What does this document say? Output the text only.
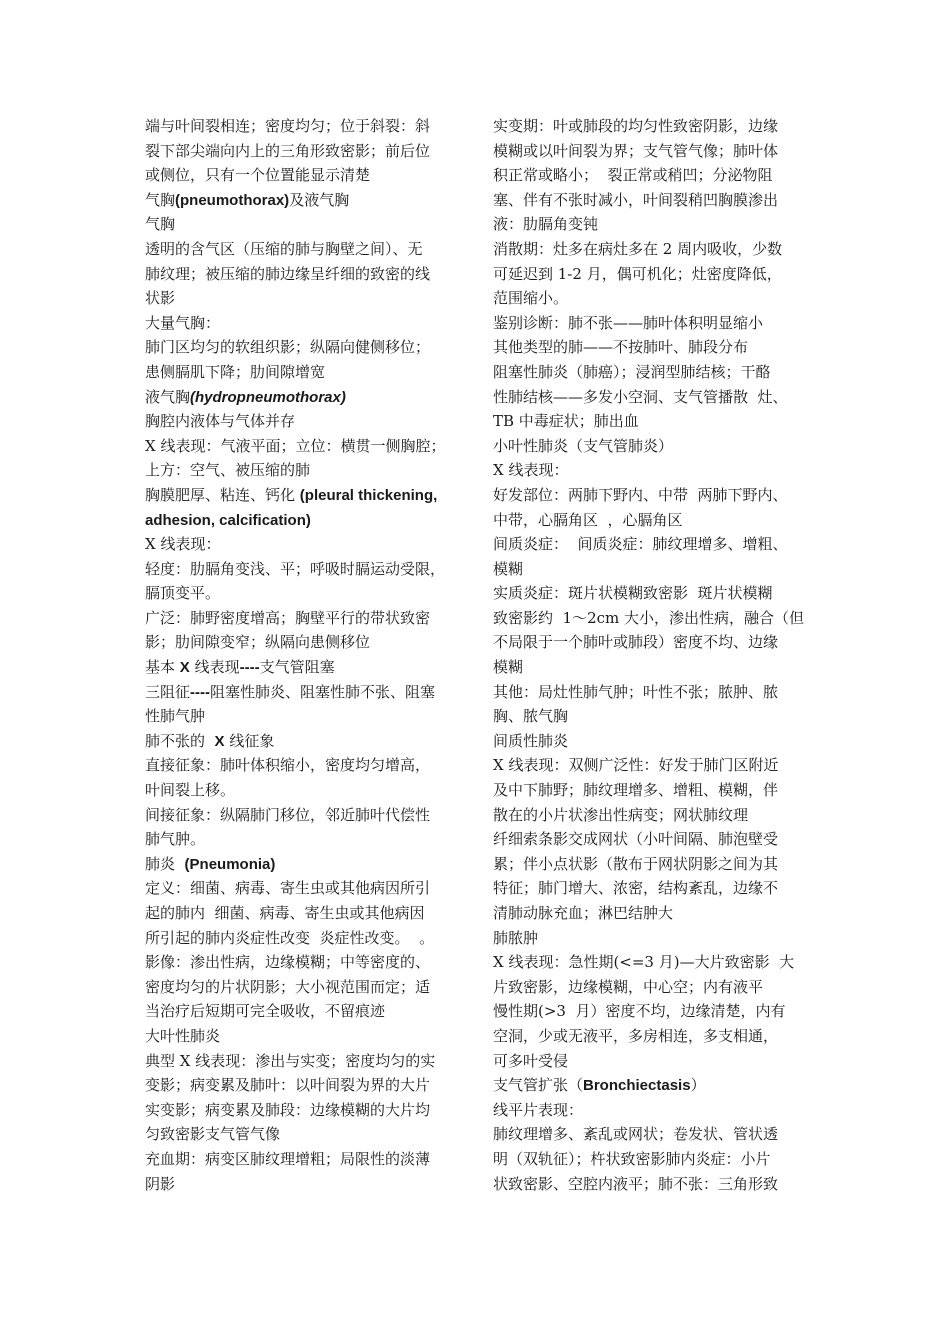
端与叶间裂相连；密度均匀；位于斜裂：斜
裂下部尖端向内上的三角形致密影；前后位
或侧位，只有一个位置能显示清楚
气胸(pneumothorax)及液气胸
气胸
透明的含气区（压缩的肺与胸壁之间）、无
肺纹理；被压缩的肺边缘呈纤细的致密的线
状影
大量气胸：
肺门区均匀的软组织影；纵隔向健侧移位；
患侧膈肌下降；肋间隙增宽
液气胸(hydropneumothorax)
胸腔内液体与气体并存
X 线表现：气液平面；立位：横贯一侧胸腔；
上方：空气、被压缩的肺
胸膜肥厚、粘连、钙化 (pleural thickening,
adhesion, calcification)
X 线表现：
轻度：肋膈角变浅、平；呼吸时膈运动受限，
膈顶变平。
广泛：肺野密度增高；胸壁平行的带状致密
影；肋间隙变窄；纵隔向患侧移位
基本 X 线表现----支气管阻塞
三阻征----阻塞性肺炎、阻塞性肺不张、阻塞
性肺气肿
肺不张的  X 线征象
直接征象：肺叶体积缩小，密度均匀增高，
叶间裂上移。
间接征象：纵隔肺门移位，邻近肺叶代偿性
肺气肿。
肺炎  (Pneumonia)
定义：细菌、病毒、寄生虫或其他病因所引
起的肺内  细菌、病毒、寄生虫或其他病因
所引起的肺内炎症性改变  炎症性改变。  。
影像：渗出性病，边缘模糊；中等密度的、
密度均匀的片状阴影；大小视范围而定；适
当治疗后短期可完全吸收，不留痕迹
大叶性肺炎
典型 X 线表现：渗出与实变；密度均匀的实
变影；病变累及肺叶：以叶间裂为界的大片
实变影；病变累及肺段：边缘模糊的大片均
匀致密影支气管气像
充血期：病变区肺纹理增粗；局限性的淡薄
阴影
实变期：叶或肺段的均匀性致密阴影，边缘
模糊或以叶间裂为界；支气管气像；肺叶体
积正常或略小；  裂正常或稍凹；分泌物阻
塞、伴有不张时减小，叶间裂稍凹胸膜渗出
液：肋膈角变钝
消散期：灶多在病灶多在 2 周内吸收，少数
可延迟到 1-2 月，偶可机化；灶密度降低，
范围缩小。
鉴别诊断：肺不张——肺叶体积明显缩小
其他类型的肺——不按肺叶、肺段分布
阻塞性肺炎（肺癌）；浸润型肺结核；干酪
性肺结核——多发小空洞、支气管播散  灶、
TB 中毒症状；肺出血
小叶性肺炎（支气管肺炎）
X 线表现：
好发部位：两肺下野内、中带  两肺下野内、
中带，心膈角区  ，心膈角区
间质炎症：  间质炎症：肺纹理增多、增粗、
模糊
实质炎症：斑片状模糊致密影  斑片状模糊
致密影约  1～2cm 大小，渗出性病，融合（但
不局限于一个肺叶或肺段）密度不均、边缘
模糊
其他：局灶性肺气肿；叶性不张；脓肿、脓
胸、脓气胸
间质性肺炎
X 线表现：双侧广泛性：好发于肺门区附近
及中下肺野；肺纹理增多、增粗、模糊，伴
散在的小片状渗出性病变；网状肺纹理
纤细索条影交成网状（小叶间隔、肺泡壁受
累；伴小点状影（散布于网状阴影之间为其
特征；肺门增大、浓密，结构紊乱，边缘不
清肺动脉充血；淋巴结肿大
肺脓肿
X 线表现：急性期(<=3 月)—大片致密影  大
片致密影，边缘模糊，中心空；内有液平
慢性期(>3  月）密度不均，边缘清楚，内有
空洞，少或无液平，多房相连，多支相通，
可多叶受侵
支气管扩张（Bronchiectasis）
线平片表现：
肺纹理增多、紊乱或网状；卷发状、管状透
明（双轨征）；杵状致密影肺内炎症：小片
状致密影、空腔内液平；肺不张：三角形致
